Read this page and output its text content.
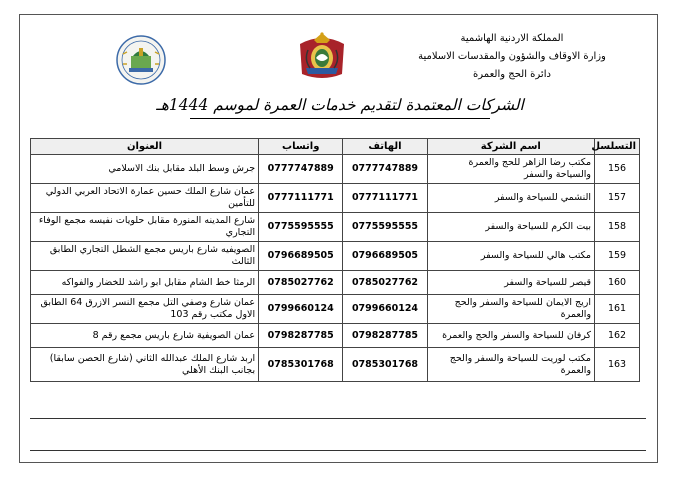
المملكة الاردنية الهاشمية
وزارة الاوقاف والشؤون والمقدسات الاسلامية
دائرة الحج والعمرة
الشركات المعتمدة لتقديم خدمات العمرة لموسم 1444هـ
العنوان	واتساب	الهاتف	اسم الشركة	التسلسل
جرش وسط البلد مقابل بنك الاسلامي	0777747889	0777747889	مكتب رضا الزاهر للحج والعمرة والسياحة والسفر	156
عمان شارع الملك حسين عمارة الاتحاد العربي الدولي للتأمين	0777111771	0777111771	النشمي للسياحة والسفر	157
شارع المدينه المنورة مقابل حلويات نفيسه مجمع الوفاء التجاري	0775595555	0775595555	بيت الكرم للسياحة والسفر	158
الصويفيه شارع باريس مجمع الشطل التجاري الطابق الثالث	0796689505	0796689505	مكتب هالي للسياحة والسفر	159
الرمثا خط الشام مقابل ابو راشد للخضار والفواكه	0785027762	0785027762	قيصر للسياحة والسفر	160
عمان شارع وصفي التل مجمع النسر الازرق 64 الطابق الاول مكتب رقم 103	0799660124	0799660124	اريج الايمان للسياحة والسفر والحج والعمرة	161
عمان الصويفية شارع باريس مجمع رقم 8	0798287785	0798287785	كرفان للسياحة والسفر والحج والعمرة	162
اربد شارع الملك عبدالله الثاني (شارع الحصن سابقا) بجانب البنك الأهلي	0785301768	0785301768	مكتب لوريت للسياحة والسفر والحج والعمرة	163
